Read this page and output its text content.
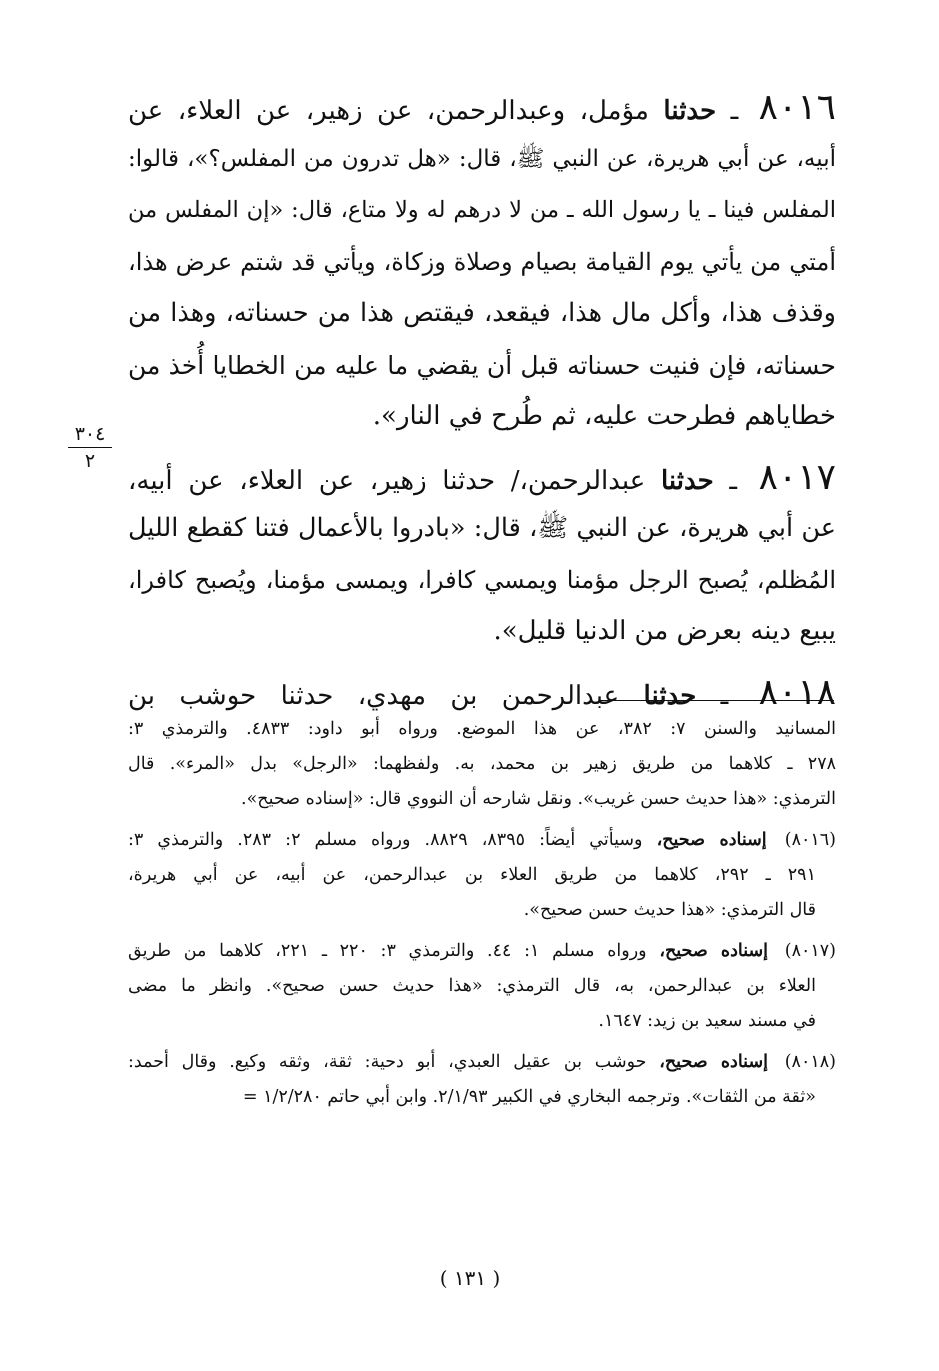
٨٠١٦ ـ حدثنا مؤمل، وعبدالرحمن، عن زهير، عن العلاء، عن
أبيه، عن أبي هريرة، عن النبي ﷺ، قال: «هل تدرون من المفلس؟»، قالوا:
المفلس فينا ـ يا رسول الله ـ من لا درهم له ولا متاع، قال: «إن المفلس من
أمتي من يأتي يوم القيامة بصيام وصلاة وزكاة، ويأتي قد شتم عرض هذا،
وقذف هذا، وأكل مال هذا، فيقعد، فيقتص هذا من حسناته، وهذا من
حسناته، فإن فنيت حسناته قبل أن يقضي ما عليه من الخطايا أُخذ من
خطاياهم فطرحت عليه، ثم طُرح في النار».
٨٠١٧ ـ حدثنا عبدالرحمن،/ حدثنا زهير، عن العلاء، عن أبيه،
عن أبي هريرة، عن النبي ﷺ، قال: «بادروا بالأعمال فتنا كقطع الليل
المُظلم، يُصبح الرجل مؤمنا ويمسي كافرا، ويمسى مؤمنا، ويُصبح كافرا،
يبيع دينه بعرض من الدنيا قليل».
٨٠١٨ ـ حدثنا عبدالرحمن بن مهدي، حدثنا حوشب بن
٣٠٤
٢
المسانيد والسنن ٧: ٣٨٢، عن هذا الموضع. ورواه أبو داود: ٤٨٣٣. والترمذي ٣:
٢٧٨ ـ كلاهما من طريق زهير بن محمد، به. ولفظهما: «الرجل» بدل «المرء». قال
الترمذي: «هذا حديث حسن غريب». ونقل شارحه أن النووي قال: «إسناده صحيح».
(٨٠١٦) إسناده صحيح، وسيأتي أيضاً: ٨٣٩٥، ٨٨٢٩. ورواه مسلم ٢: ٢٨٣. والترمذي ٣:
٢٩١ ـ ٢٩٢، كلاهما من طريق العلاء بن عبدالرحمن، عن أبيه، عن أبي هريرة،
قال الترمذي: «هذا حديث حسن صحيح».
(٨٠١٧) إسناده صحيح، ورواه مسلم ١: ٤٤. والترمذي ٣: ٢٢٠ ـ ٢٢١، كلاهما من طريق
العلاء بن عبدالرحمن، به، قال الترمذي: «هذا حديث حسن صحيح». وانظر ما مضى
في مسند سعيد بن زيد: ١٦٤٧.
(٨٠١٨) إسناده صحيح، حوشب بن عقيل العبدي، أبو دحية: ثقة، وثقه وكيع. وقال أحمد:
«ثقة من الثقات». وترجمه البخاري في الكبير ٢/١/٩٣. وابن أبي حاتم ١/٢/٢٨٠ =
( ١٣١ )
